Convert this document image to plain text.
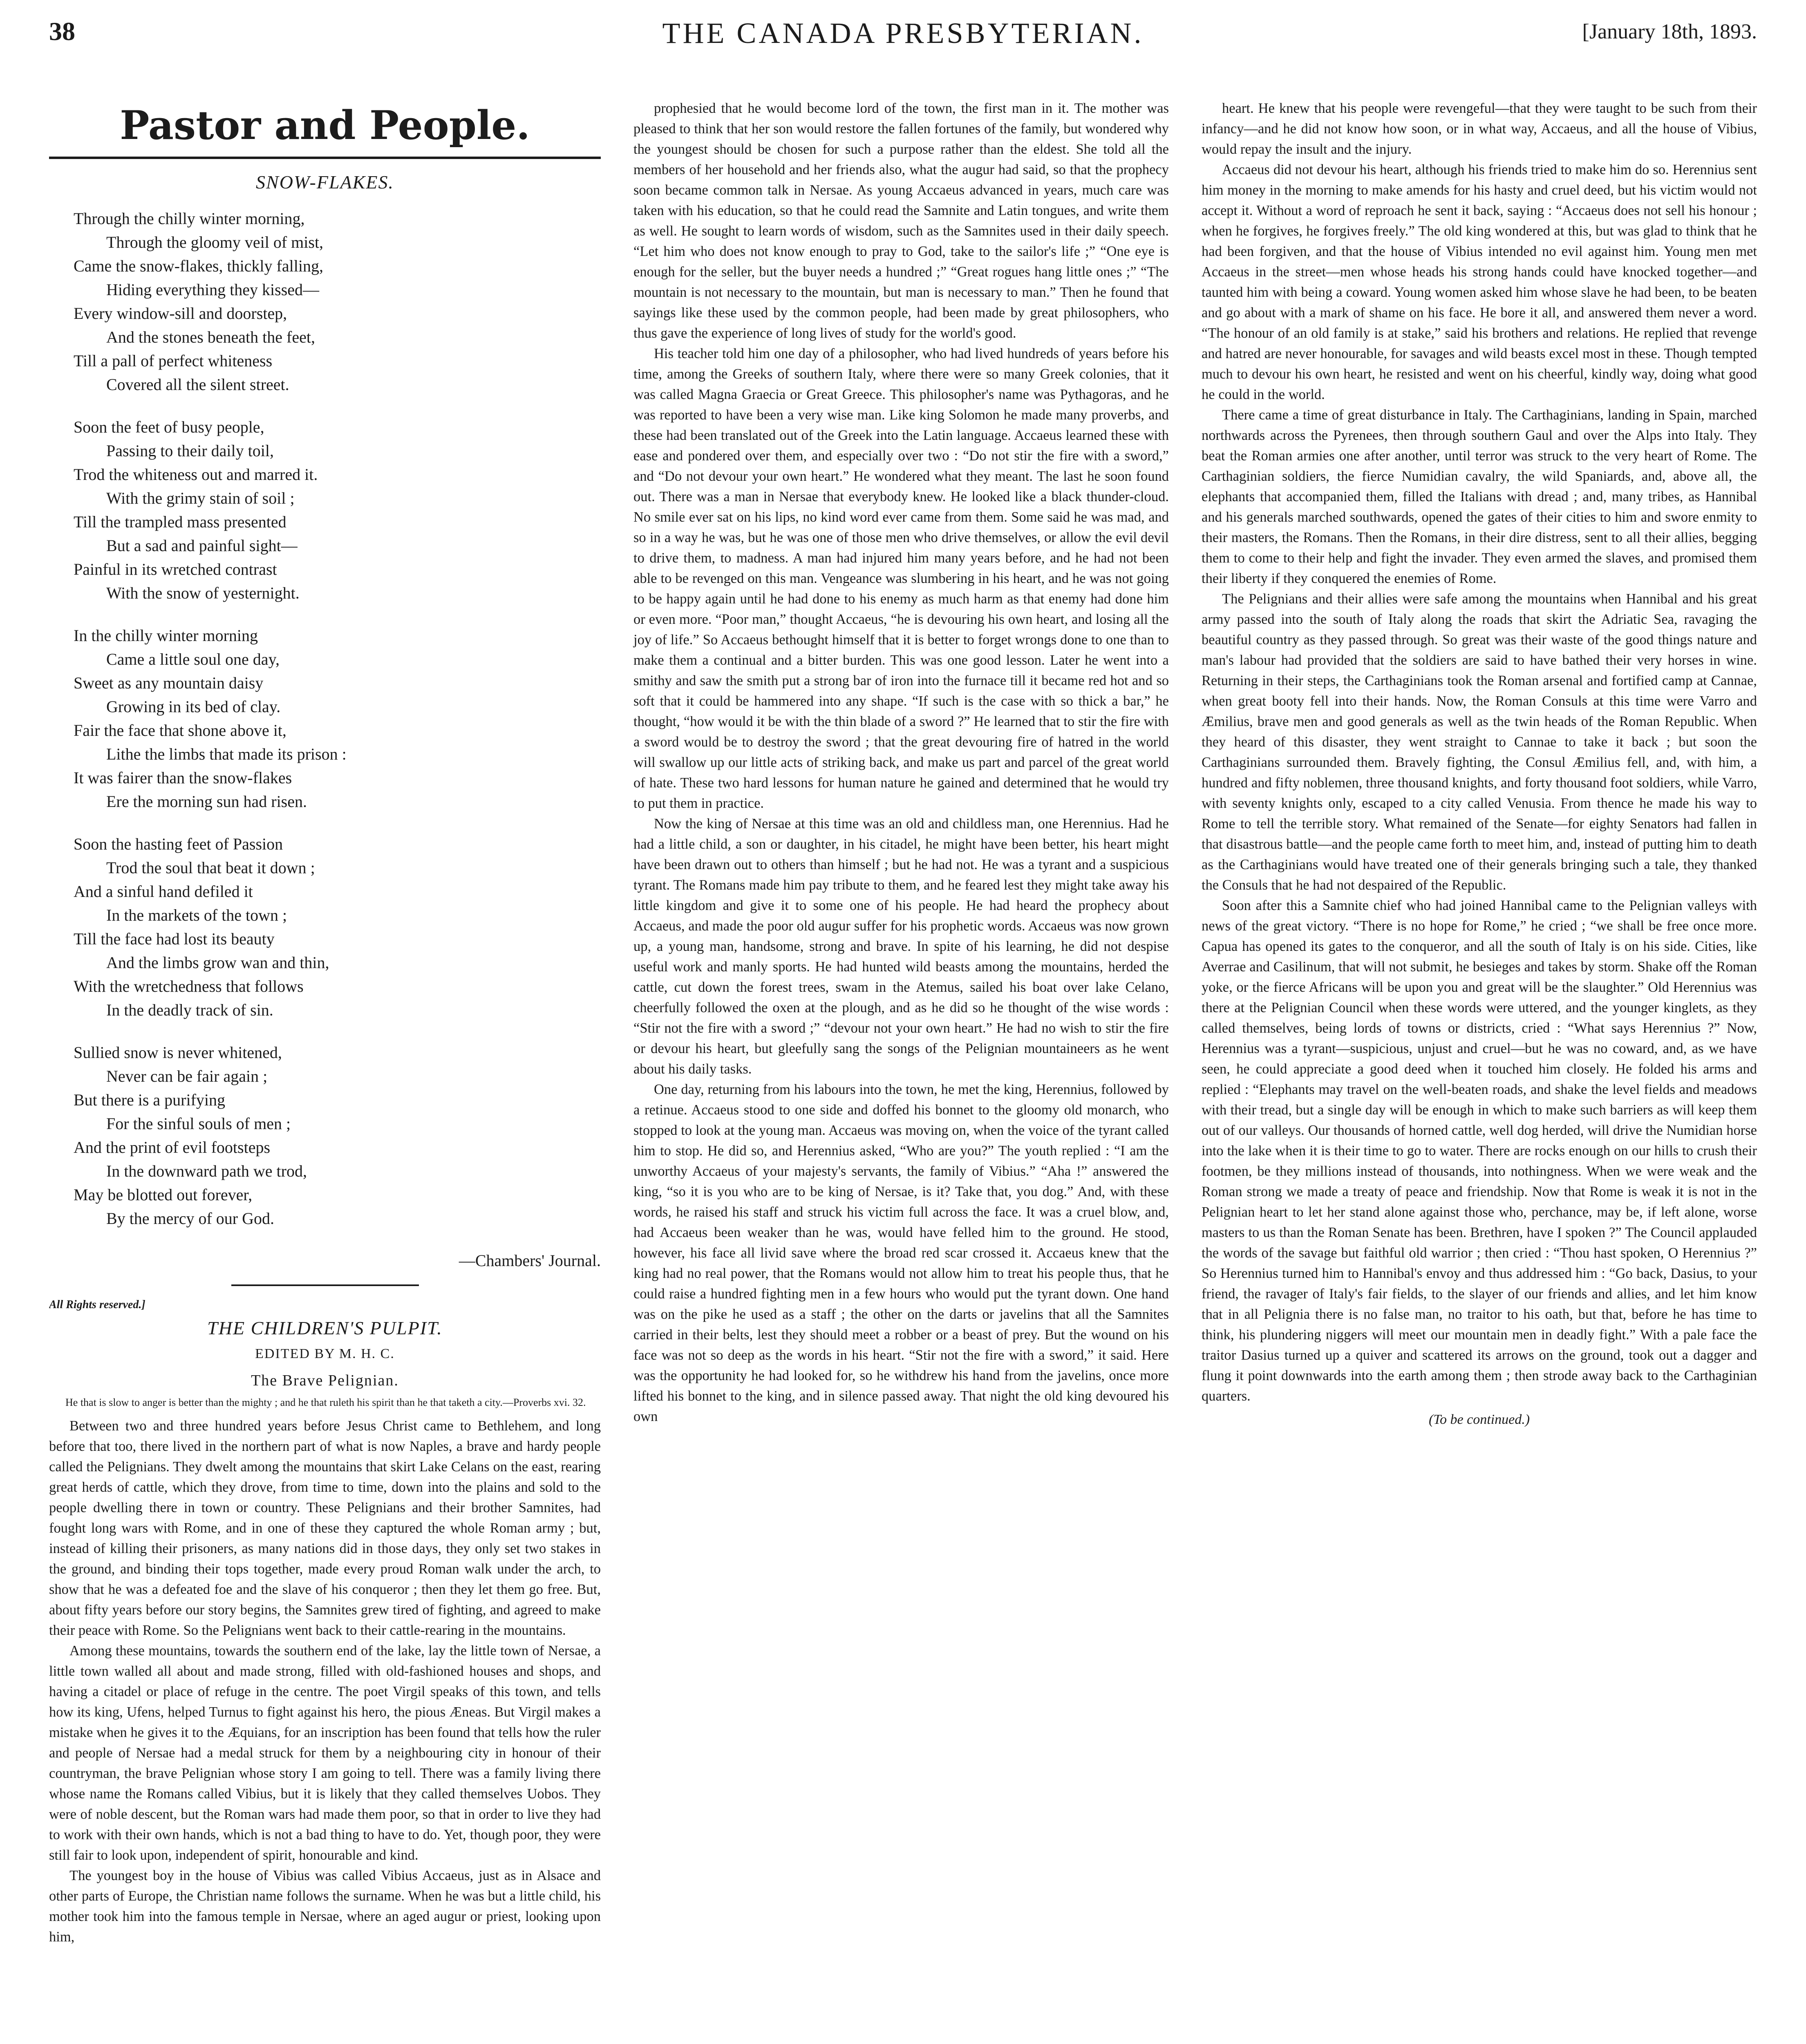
38	THE CANADA PRESBYTERIAN.	[January 18th, 1893.
Pastor and People.
SNOW-FLAKES.
Through the chilly winter morning,
Through the gloomy veil of mist,
Came the snow-flakes, thickly falling,
Hiding everything they kissed—
Every window-sill and doorstep,
And the stones beneath the feet,
Till a pall of perfect whiteness
Covered all the silent street.
Soon the feet of busy people,
Passing to their daily toil,
Trod the whiteness out and marred it.
With the grimy stain of soil ;
Till the trampled mass presented
But a sad and painful sight—
Painful in its wretched contrast
With the snow of yesternight.
In the chilly winter morning
Came a little soul one day,
Sweet as any mountain daisy
Growing in its bed of clay.
Fair the face that shone above it,
Lithe the limbs that made its prison :
It was fairer than the snow-flakes
Ere the morning sun had risen.
Soon the hasting feet of Passion
Trod the soul that beat it down ;
And a sinful hand defiled it
In the markets of the town ;
Till the face had lost its beauty
And the limbs grow wan and thin,
With the wretchedness that follows
In the deadly track of sin.
Sullied snow is never whitened,
Never can be fair again ;
But there is a purifying
For the sinful souls of men ;
And the print of evil footsteps
In the downward path we trod,
May be blotted out forever,
By the mercy of our God.
—Chambers' Journal.
All Rights reserved.]
THE CHILDREN'S PULPIT.
EDITED BY M. H. C.
The Brave Pelignian.
He that is slow to anger is better than the mighty ; and he that ruleth his spirit than he that taketh a city.—Proverbs xvi. 32.

Between two and three hundred years before Jesus Christ came to Bethlehem, and long before that too, there lived in the northern part of what is now Naples, a brave and hardy people called the Pelignians. They dwelt among the mountains that skirt Lake Celans on the east, rearing great herds of cattle, which they drove, from time to time, down into the plains and sold to the people dwelling there in town or country. These Pelignians and their brother Samnites, had fought long wars with Rome, and in one of these they captured the whole Roman army ; but, instead of killing their prisoners, as many nations did in those days, they only set two stakes in the ground, and binding their tops together, made every proud Roman walk under the arch, to show that he was a defeated foe and the slave of his conqueror ; then they let them go free. But, about fifty years before our story begins, the Samnites grew tired of fighting, and agreed to make their peace with Rome. So the Pelignians went back to their cattle-rearing in the mountains.

Among these mountains, towards the southern end of the lake, lay the little town of Nersae, a little town walled all about and made strong, filled with old-fashioned houses and shops, and having a citadel or place of refuge in the centre. The poet Virgil speaks of this town, and tells how its king, Ufens, helped Turnus to fight against his hero, the pious Æneas. But Virgil makes a mistake when he gives it to the Æquians, for an inscription has been found that tells how the ruler and people of Nersae had a medal struck for them by a neighbouring city in honour of their countryman, the brave Pelignian whose story I am going to tell. There was a family living there whose name the Romans called Vibius, but it is likely that they called themselves Uobos. They were of noble descent, but the Roman wars had made them poor, so that in order to live they had to work with their own hands, which is not a bad thing to have to do. Yet, though poor, they were still fair to look upon, independent of spirit, honourable and kind.

The youngest boy in the house of Vibius was called Vibius Accaeus, just as in Alsace and other parts of Europe, the Christian name follows the surname. When he was but a little child, his mother took him into the famous temple in Nersae, where an aged augur or priest, looking upon him,

prophesied that he would become lord of the town, the first man in it. The mother was pleased to think that her son would restore the fallen fortunes of the family, but wondered why the youngest should be chosen for such a purpose rather than the eldest. She told all the members of her household and her friends also, what the augur had said, so that the prophecy soon became common talk in Nersae. As young Accaeus advanced in years, much care was taken with his education, so that he could read the Samnite and Latin tongues, and write them as well. He sought to learn words of wisdom, such as the Samnites used in their daily speech. “Let him who does not know enough to pray to God, take to the sailor's life ;” “One eye is enough for the seller, but the buyer needs a hundred ;” “Great rogues hang little ones ;” “The mountain is not necessary to the mountain, but man is necessary to man.” Then he found that sayings like these used by the common people, had been made by great philosophers, who thus gave the experience of long lives of study for the world's good.

His teacher told him one day of a philosopher, who had lived hundreds of years before his time, among the Greeks of southern Italy, where there were so many Greek colonies, that it was called Magna Graecia or Great Greece. This philosopher's name was Pythagoras, and he was reported to have been a very wise man. Like king Solomon he made many proverbs, and these had been translated out of the Greek into the Latin language. Accaeus learned these with ease and pondered over them, and especially over two : “Do not stir the fire with a sword,” and “Do not devour your own heart.” He wondered what they meant. The last he soon found out. There was a man in Nersae that everybody knew. He looked like a black thunder-cloud. No smile ever sat on his lips, no kind word ever came from them. Some said he was mad, and so in a way he was, but he was one of those men who drive themselves, or allow the evil devil to drive them, to madness. A man had injured him many years before, and he had not been able to be revenged on this man. Vengeance was slumbering in his heart, and he was not going to be happy again until he had done to his enemy as much harm as that enemy had done him or even more. “Poor man,” thought Accaeus, “he is devouring his own heart, and losing all the joy of life.” So Accaeus bethought himself that it is better to forget wrongs done to one than to make them a continual and a bitter burden. This was one good lesson. Later he went into a smithy and saw the smith put a strong bar of iron into the furnace till it became red hot and so soft that it could be hammered into any shape. “If such is the case with so thick a bar,” he thought, “how would it be with the thin blade of a sword ?” He learned that to stir the fire with a sword would be to destroy the sword ; that the great devouring fire of hatred in the world will swallow up our little acts of striking back, and make us part and parcel of the great world of hate. These two hard lessons for human nature he gained and determined that he would try to put them in practice.

Now the king of Nersae at this time was an old and childless man, one Herennius. Had he had a little child, a son or daughter, in his citadel, he might have been better, his heart might have been drawn out to others than himself ; but he had not. He was a tyrant and a suspicious tyrant. The Romans made him pay tribute to them, and he feared lest they might take away his little kingdom and give it to some one of his people. He had heard the prophecy about Accaeus, and made the poor old augur suffer for his prophetic words. Accaeus was now grown up, a young man, handsome, strong and brave. In spite of his learning, he did not despise useful work and manly sports. He had hunted wild beasts among the mountains, herded the cattle, cut down the forest trees, swam in the Atemus, sailed his boat over lake Celano, cheerfully followed the oxen at the plough, and as he did so he thought of the wise words : “Stir not the fire with a sword ;” “devour not your own heart.” He had no wish to stir the fire or devour his heart, but gleefully sang the songs of the Pelignian mountaineers as he went about his daily tasks.

One day, returning from his labours into the town, he met the king, Herennius, followed by a retinue. Accaeus stood to one side and doffed his bonnet to the gloomy old monarch, who stopped to look at the young man. Accaeus was moving on, when the voice of the tyrant called him to stop. He did so, and Herennius asked, “Who are you?” The youth replied : “I am the unworthy Accaeus of your majesty's servants, the family of Vibius.” “Aha !” answered the king, “so it is you who are to be king of Nersae, is it? Take that, you dog.” And, with these words, he raised his staff and struck his victim full across the face. It was a cruel blow, and, had Accaeus been weaker than he was, would have felled him to the ground. He stood, however, his face all livid save where the broad red scar crossed it. Accaeus knew that the king had no real power, that the Romans would not allow him to treat his people thus, that he could raise a hundred fighting men in a few hours who would put the tyrant down. One hand was on the pike he used as a staff ; the other on the darts or javelins that all the Samnites carried in their belts, lest they should meet a robber or a beast of prey. But the wound on his face was not so deep as the words in his heart. “Stir not the fire with a sword,” it said. Here was the opportunity he had looked for, so he withdrew his hand from the javelins, once more lifted his bonnet to the king, and in silence passed away. That night the old king devoured his own

heart. He knew that his people were revengeful—that they were taught to be such from their infancy—and he did not know how soon, or in what way, Accaeus, and all the house of Vibius, would repay the insult and the injury.

Accaeus did not devour his heart, although his friends tried to make him do so. Herennius sent him money in the morning to make amends for his hasty and cruel deed, but his victim would not accept it. Without a word of reproach he sent it back, saying : “Accaeus does not sell his honour ; when he forgives, he forgives freely.” The old king wondered at this, but was glad to think that he had been forgiven, and that the house of Vibius intended no evil against him. Young men met Accaeus in the street—men whose heads his strong hands could have knocked together—and taunted him with being a coward. Young women asked him whose slave he had been, to be beaten and go about with a mark of shame on his face. He bore it all, and answered them never a word. “The honour of an old family is at stake,” said his brothers and relations. He replied that revenge and hatred are never honourable, for savages and wild beasts excel most in these. Though tempted much to devour his own heart, he resisted and went on his cheerful, kindly way, doing what good he could in the world.

There came a time of great disturbance in Italy. The Carthaginians, landing in Spain, marched northwards across the Pyrenees, then through southern Gaul and over the Alps into Italy. They beat the Roman armies one after another, until terror was struck to the very heart of Rome. The Carthaginian soldiers, the fierce Numidian cavalry, the wild Spaniards, and, above all, the elephants that accompanied them, filled the Italians with dread ; and, many tribes, as Hannibal and his generals marched southwards, opened the gates of their cities to him and swore enmity to their masters, the Romans. Then the Romans, in their dire distress, sent to all their allies, begging them to come to their help and fight the invader. They even armed the slaves, and promised them their liberty if they conquered the enemies of Rome.

The Pelignians and their allies were safe among the mountains when Hannibal and his great army passed into the south of Italy along the roads that skirt the Adriatic Sea, ravaging the beautiful country as they passed through. So great was their waste of the good things nature and man's labour had provided that the soldiers are said to have bathed their very horses in wine. Returning in their steps, the Carthaginians took the Roman arsenal and fortified camp at Cannae, when great booty fell into their hands. Now, the Roman Consuls at this time were Varro and Æmilius, brave men and good generals as well as the twin heads of the Roman Republic. When they heard of this disaster, they went straight to Cannae to take it back ; but soon the Carthaginians surrounded them. Bravely fighting, the Consul Æmilius fell, and, with him, a hundred and fifty noblemen, three thousand knights, and forty thousand foot soldiers, while Varro, with seventy knights only, escaped to a city called Venusia. From thence he made his way to Rome to tell the terrible story. What remained of the Senate—for eighty Senators had fallen in that disastrous battle—and the people came forth to meet him, and, instead of putting him to death as the Carthaginians would have treated one of their generals bringing such a tale, they thanked the Consuls that he had not despaired of the Republic.

Soon after this a Samnite chief who had joined Hannibal came to the Pelignian valleys with news of the great victory. “There is no hope for Rome,” he cried ; “we shall be free once more. Capua has opened its gates to the conqueror, and all the south of Italy is on his side. Cities, like Averrae and Casilinum, that will not submit, he besieges and takes by storm. Shake off the Roman yoke, or the fierce Africans will be upon you and great will be the slaughter.” Old Herennius was there at the Pelignian Council when these words were uttered, and the younger kinglets, as they called themselves, being lords of towns or districts, cried : “What says Herennius ?” Now, Herennius was a tyrant—suspicious, unjust and cruel—but he was no coward, and, as we have seen, he could appreciate a good deed when it touched him closely. He folded his arms and replied : “Elephants may travel on the well-beaten roads, and shake the level fields and meadows with their tread, but a single day will be enough in which to make such barriers as will keep them out of our valleys. Our thousands of horned cattle, well dog herded, will drive the Numidian horse into the lake when it is their time to go to water. There are rocks enough on our hills to crush their footmen, be they millions instead of thousands, into nothingness. When we were weak and the Roman strong we made a treaty of peace and friendship. Now that Rome is weak it is not in the Pelignian heart to let her stand alone against those who, perchance, may be, if left alone, worse masters to us than the Roman Senate has been. Brethren, have I spoken ?” The Council applauded the words of the savage but faithful old warrior ; then cried : “Thou hast spoken, O Herennius ?” So Herennius turned him to Hannibal's envoy and thus addressed him : “Go back, Dasius, to your friend, the ravager of Italy's fair fields, to the slayer of our friends and allies, and let him know that in all Pelignia there is no false man, no traitor to his oath, but that, before he has time to think, his plundering niggers will meet our mountain men in deadly fight.” With a pale face the traitor Dasius turned up a quiver and scattered its arrows on the ground, took out a dagger and flung it point downwards into the earth among them ; then strode away back to the Carthaginian quarters.

(To be continued.)
